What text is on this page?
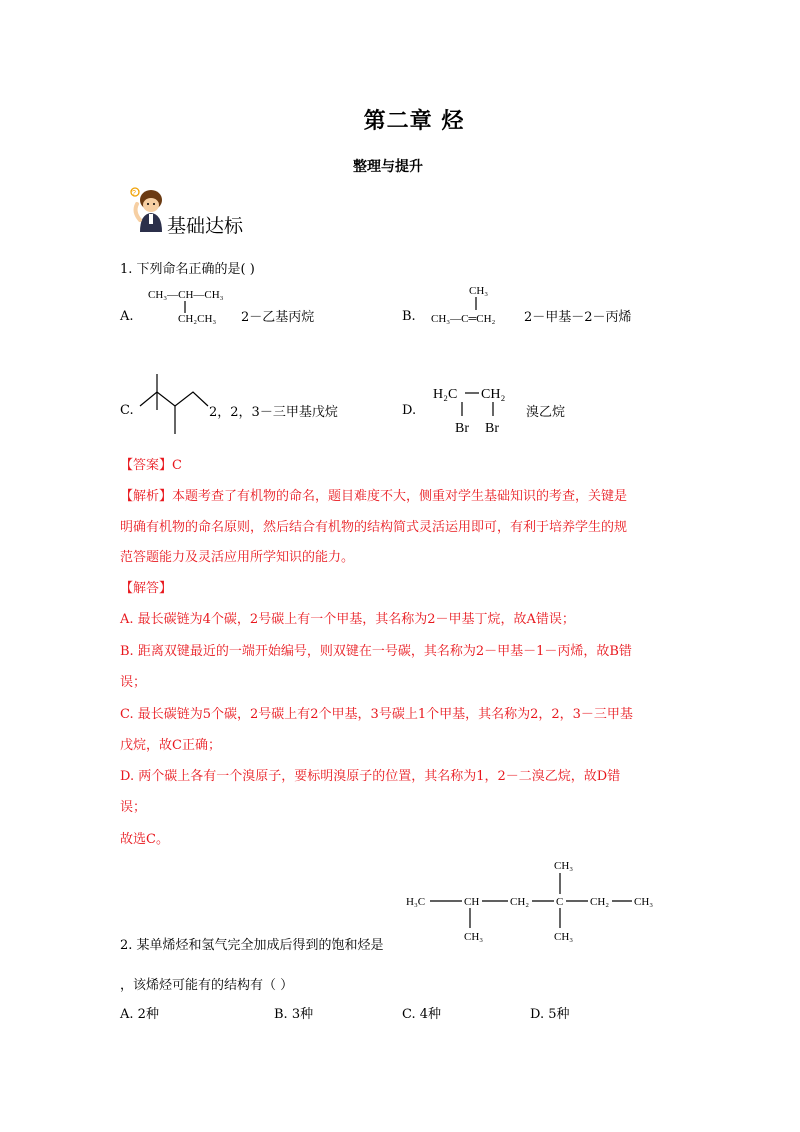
第二章 烃
整理与提升
?
基础达标
1. 下列命名正确的是( )
A.
CH₃—CH—CH₃
CH₂CH₃ 2－乙基丙烷	B.
CH₃
CH₃—C═CH₂ 2－甲基－2－丙烯
C.	2，2，3－三甲基戊烷	D.
H₂C CH₂
Br Br
溴乙烷
【答案】C
【解析】本题考查了有机物的命名，题目难度不大，侧重对学生基础知识的考查，关键是
明确有机物的命名原则，然后结合有机物的结构简式灵活运用即可，有利于培养学生的规
范答题能力及灵活应用所学知识的能力。
【解答】
A. 最长碳链为4个碳，2号碳上有一个甲基，其名称为2－甲基丁烷，故A错误；
B. 距离双键最近的一端开始编号，则双键在一号碳，其名称为2－甲基－1－丙烯，故B错
误；
C. 最长碳链为5个碳，2号碳上有2个甲基，3号碳上1个甲基，其名称为2，2，3－三甲基
戊烷，故C正确；
D. 两个碳上各有一个溴原子，要标明溴原子的位置，其名称为1，2－二溴乙烷，故D错
误；
故选C。
CH₃
H₃C	CH	CH₂ C CH₂ CH₃
CH₃	CH₃
2. 某单烯烃和氢气完全加成后得到的饱和烃是
，该烯烃可能有的结构有（ ）
A. 2种	B. 3种	C. 4种	D. 5种
